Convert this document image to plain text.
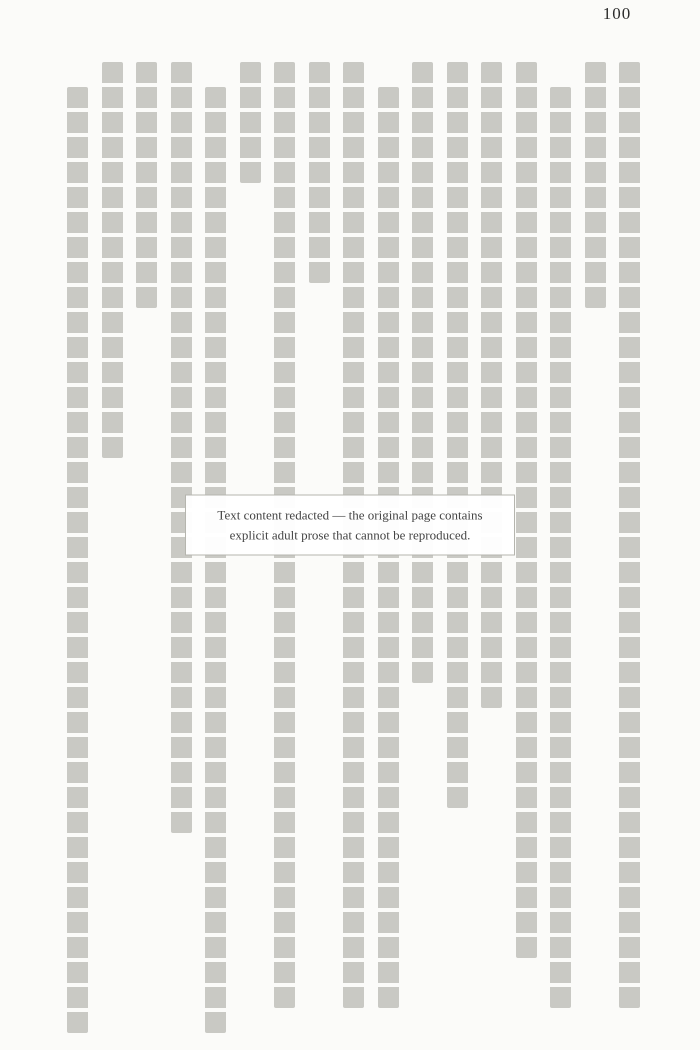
100
Text content redacted — the original page contains explicit adult prose that cannot be reproduced.
